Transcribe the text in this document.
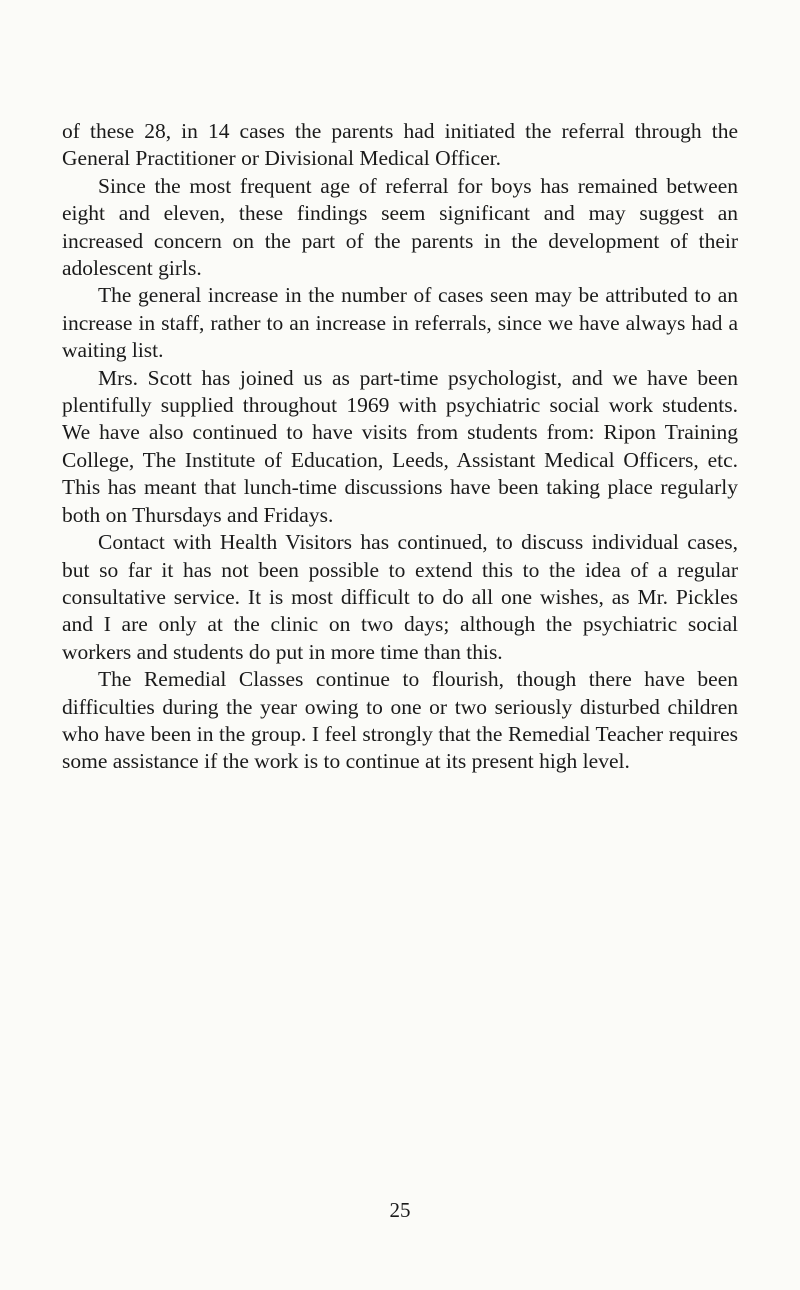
of these 28, in 14 cases the parents had initiated the referral through the General Practitioner or Divisional Medical Officer.

Since the most frequent age of referral for boys has remained between eight and eleven, these findings seem significant and may suggest an increased concern on the part of the parents in the development of their adolescent girls.

The general increase in the number of cases seen may be attributed to an increase in staff, rather to an increase in referrals, since we have always had a waiting list.

Mrs. Scott has joined us as part-time psychologist, and we have been plentifully supplied throughout 1969 with psychiatric social work students. We have also continued to have visits from students from: Ripon Training College, The Institute of Education, Leeds, Assistant Medical Officers, etc. This has meant that lunch-time discussions have been taking place regularly both on Thursdays and Fridays.

Contact with Health Visitors has continued, to discuss individual cases, but so far it has not been possible to extend this to the idea of a regular consultative service. It is most difficult to do all one wishes, as Mr. Pickles and I are only at the clinic on two days; although the psychiatric social workers and students do put in more time than this.

The Remedial Classes continue to flourish, though there have been difficulties during the year owing to one or two seriously disturbed children who have been in the group. I feel strongly that the Remedial Teacher requires some assistance if the work is to continue at its present high level.

25
